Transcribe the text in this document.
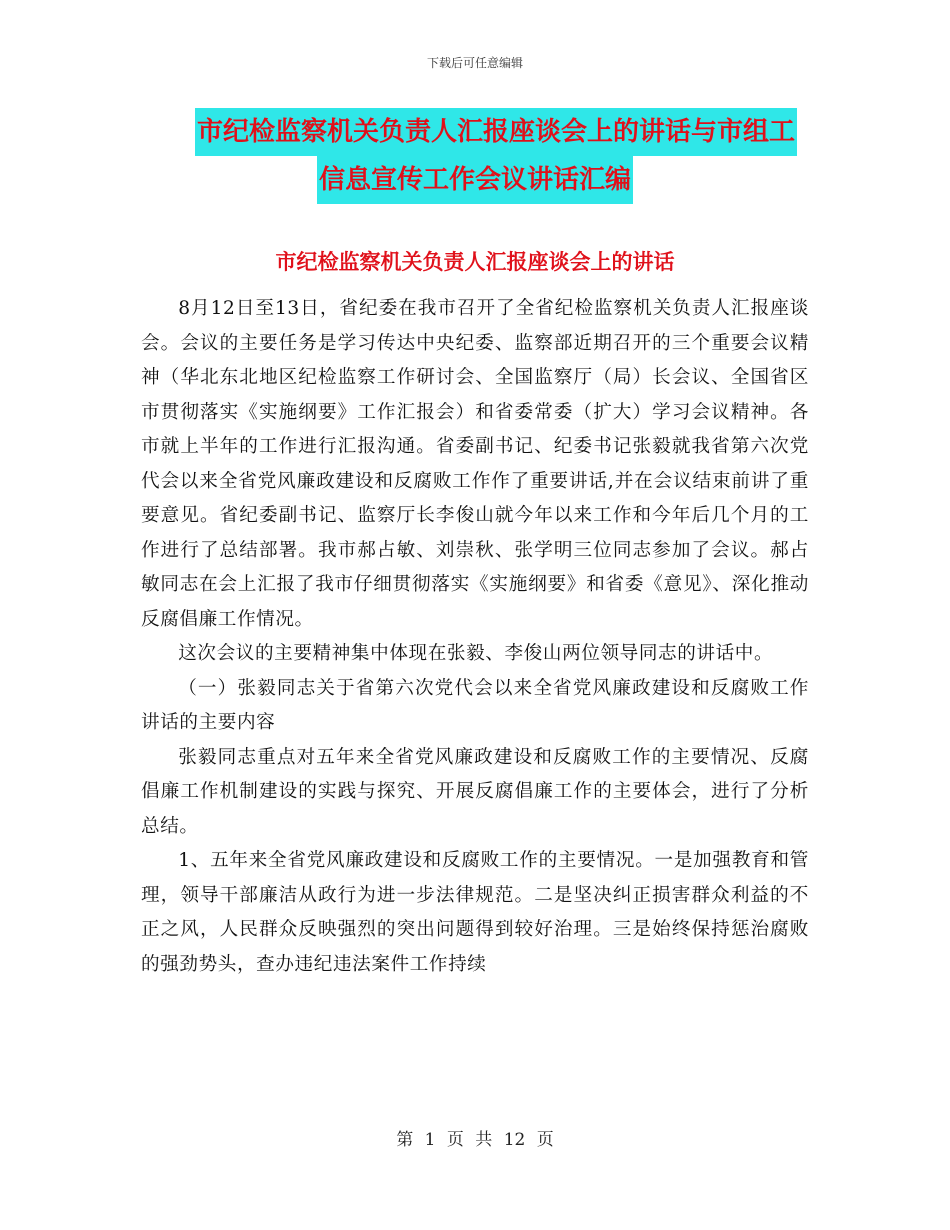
下载后可任意编辑
市纪检监察机关负责人汇报座谈会上的讲话与市组工
信息宣传工作会议讲话汇编
市纪检监察机关负责人汇报座谈会上的讲话

8月12日至13日，省纪委在我市召开了全省纪检监察机关负责人汇报座谈会。会议的主要任务是学习传达中央纪委、监察部近期召开的三个重要会议精神（华北东北地区纪检监察工作研讨会、全国监察厅（局）长会议、全国省区市贯彻落实《实施纲要》工作汇报会）和省委常委（扩大）学习会议精神。各市就上半年的工作进行汇报沟通。省委副书记、纪委书记张毅就我省第六次党代会以来全省党风廉政建设和反腐败工作作了重要讲话,并在会议结束前讲了重要意见。省纪委副书记、监察厅长李俊山就今年以来工作和今年后几个月的工作进行了总结部署。我市郝占敏、刘崇秋、张学明三位同志参加了会议。郝占敏同志在会上汇报了我市仔细贯彻落实《实施纲要》和省委《意见》、深化推动反腐倡廉工作情况。

这次会议的主要精神集中体现在张毅、李俊山两位领导同志的讲话中。

（一）张毅同志关于省第六次党代会以来全省党风廉政建设和反腐败工作讲话的主要内容

张毅同志重点对五年来全省党风廉政建设和反腐败工作的主要情况、反腐倡廉工作机制建设的实践与探究、开展反腐倡廉工作的主要体会，进行了分析总结。

1、五年来全省党风廉政建设和反腐败工作的主要情况。一是加强教育和管理，领导干部廉洁从政行为进一步法律规范。二是坚决纠正损害群众利益的不正之风，人民群众反映强烈的突出问题得到较好治理。三是始终保持惩治腐败的强劲势头，查办违纪违法案件工作持续

第 1 页 共 12 页
